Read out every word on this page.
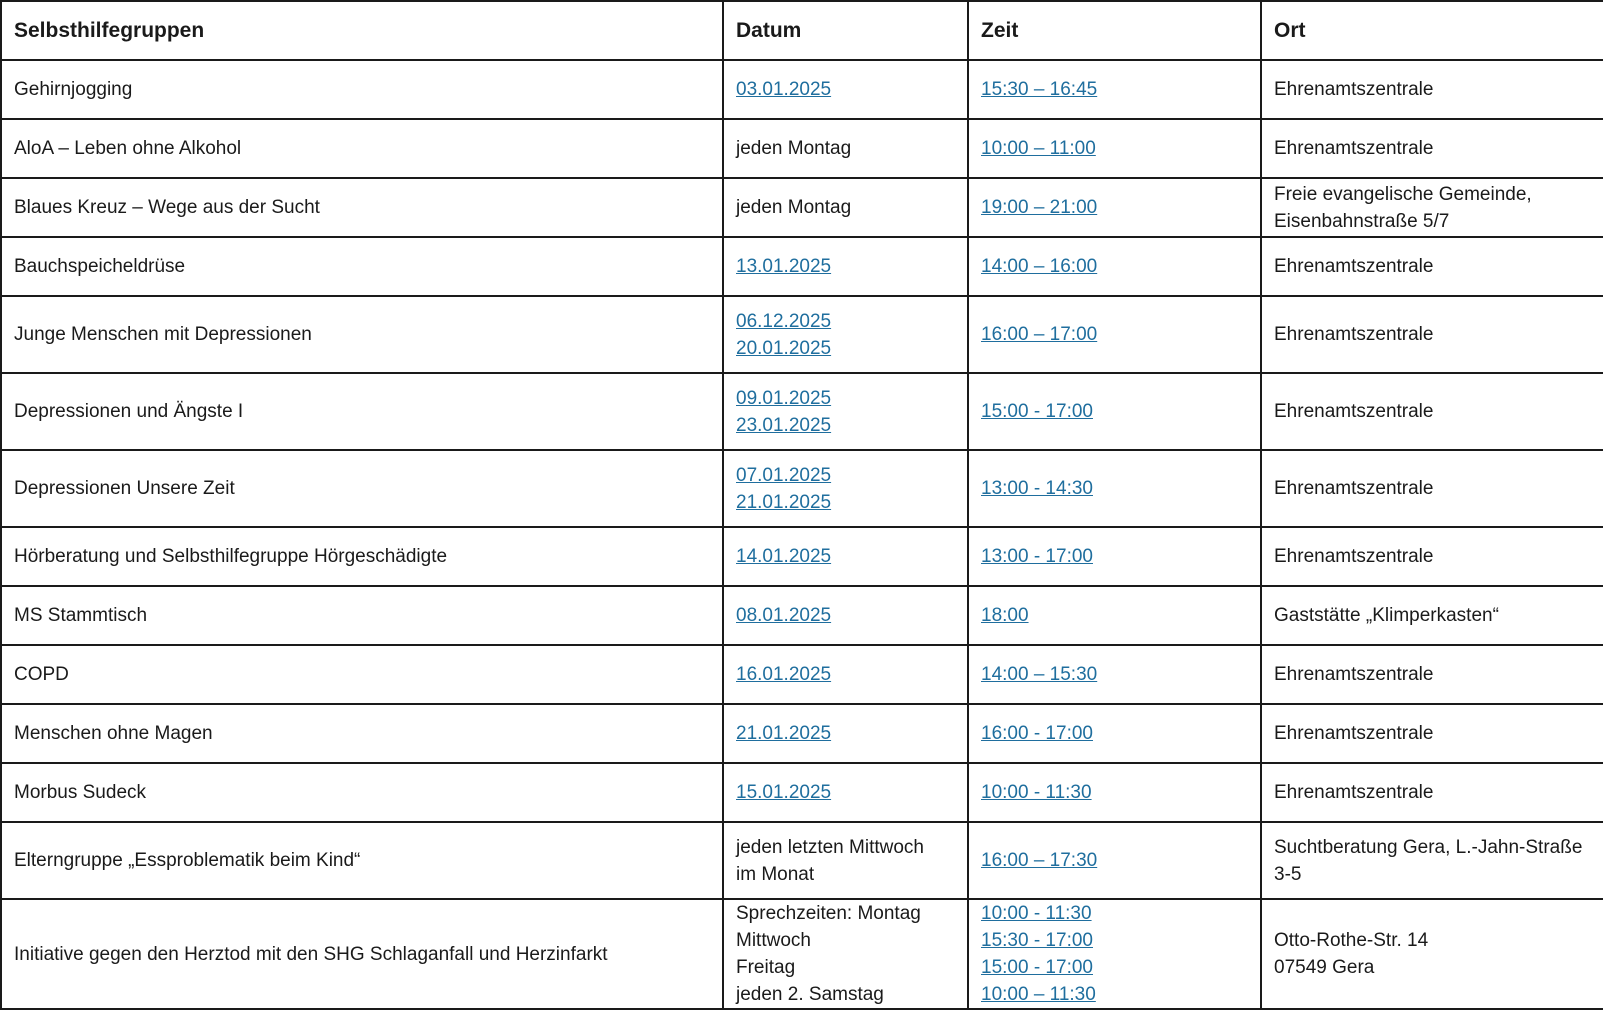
Selbsthilfegruppen	Datum	Zeit	Ort
Gehirnjogging	03.01.2025	15:30 – 16:45	Ehrenamtszentrale

AloA – Leben ohne Alkohol	jeden Montag	10:00 – 11:00	Ehrenamtszentrale

Blaues Kreuz – Wege aus der Sucht	jeden Montag	19:00 – 21:00	Freie evangelische Gemeinde,
Eisenbahnstraße 5/7

Bauchspeicheldrüse	13.01.2025	14:00 – 16:00	Ehrenamtszentrale

Junge Menschen mit Depressionen	06.12.2025
20.01.2025	16:00 – 17:00	Ehrenamtszentrale

Depressionen und Ängste I	09.01.2025
23.01.2025	15:00 - 17:00	Ehrenamtszentrale

Depressionen Unsere Zeit	07.01.2025
21.01.2025	13:00 - 14:30	Ehrenamtszentrale

Hörberatung und Selbsthilfegruppe Hörgeschädigte	14.01.2025	13:00 - 17:00	Ehrenamtszentrale

MS Stammtisch	08.01.2025	18:00	Gaststätte „Klimperkasten“

COPD	16.01.2025	14:00 – 15:30	Ehrenamtszentrale

Menschen ohne Magen	21.01.2025	16:00 - 17:00	Ehrenamtszentrale

Morbus Sudeck	15.01.2025	10:00 - 11:30	Ehrenamtszentrale

Elterngruppe „Essproblematik beim Kind“	jeden letzten Mittwoch
im Monat	16:00 – 17:30	Suchtberatung Gera, L.-Jahn-Straße
3-5

Initiative gegen den Herztod mit den SHG Schlaganfall und Herzinfarkt	Sprechzeiten: Montag
Mittwoch
Freitag
jeden 2. Samstag	10:00 - 11:30
15:30 - 17:00
15:00 - 17:00
10:00 – 11:30	Otto-Rothe-Str. 14
07549 Gera
